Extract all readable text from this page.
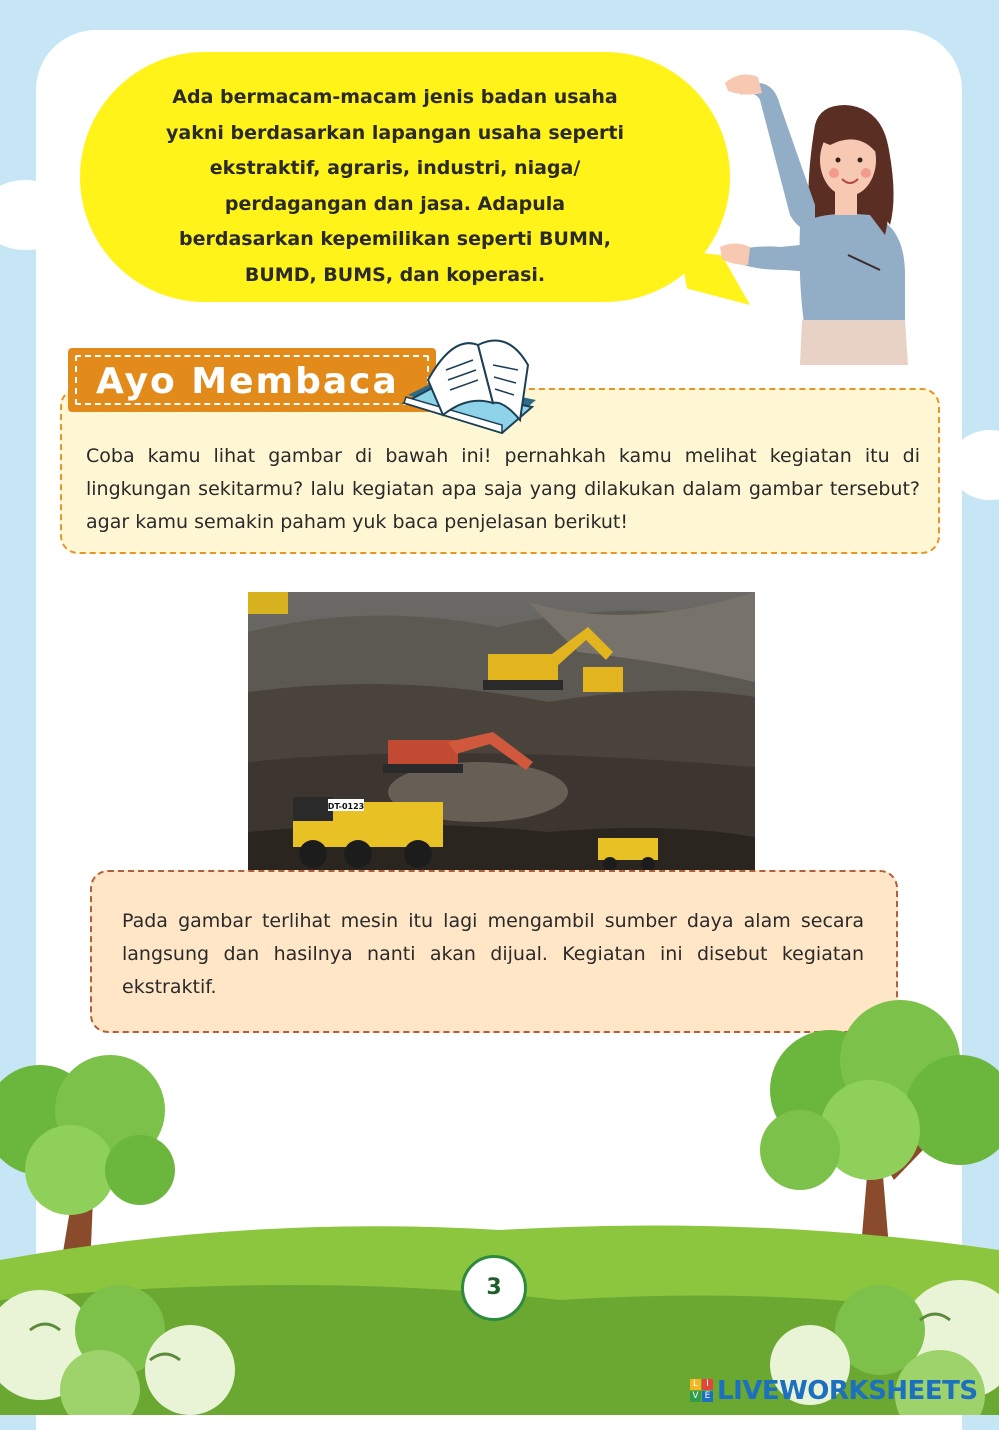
Ada bermacam-macam jenis badan usaha
yakni berdasarkan lapangan usaha seperti
ekstraktif, agraris, industri, niaga/
perdagangan dan jasa. Adapula
berdasarkan kepemilikan seperti BUMN,
BUMD, BUMS, dan koperasi.
Coba kamu lihat gambar di bawah ini! pernahkah kamu melihat kegiatan itu di lingkungan sekitarmu? lalu kegiatan apa saja yang dilakukan dalam gambar tersebut? agar kamu semakin paham yuk baca penjelasan berikut!
Ayo Membaca
DT-0123
Pada gambar terlihat mesin itu lagi mengambil sumber daya alam secara langsung dan hasilnya nanti akan dijual. Kegiatan ini disebut kegiatan ekstraktif.
3
L I
V E LIVEWORKSHEETS
